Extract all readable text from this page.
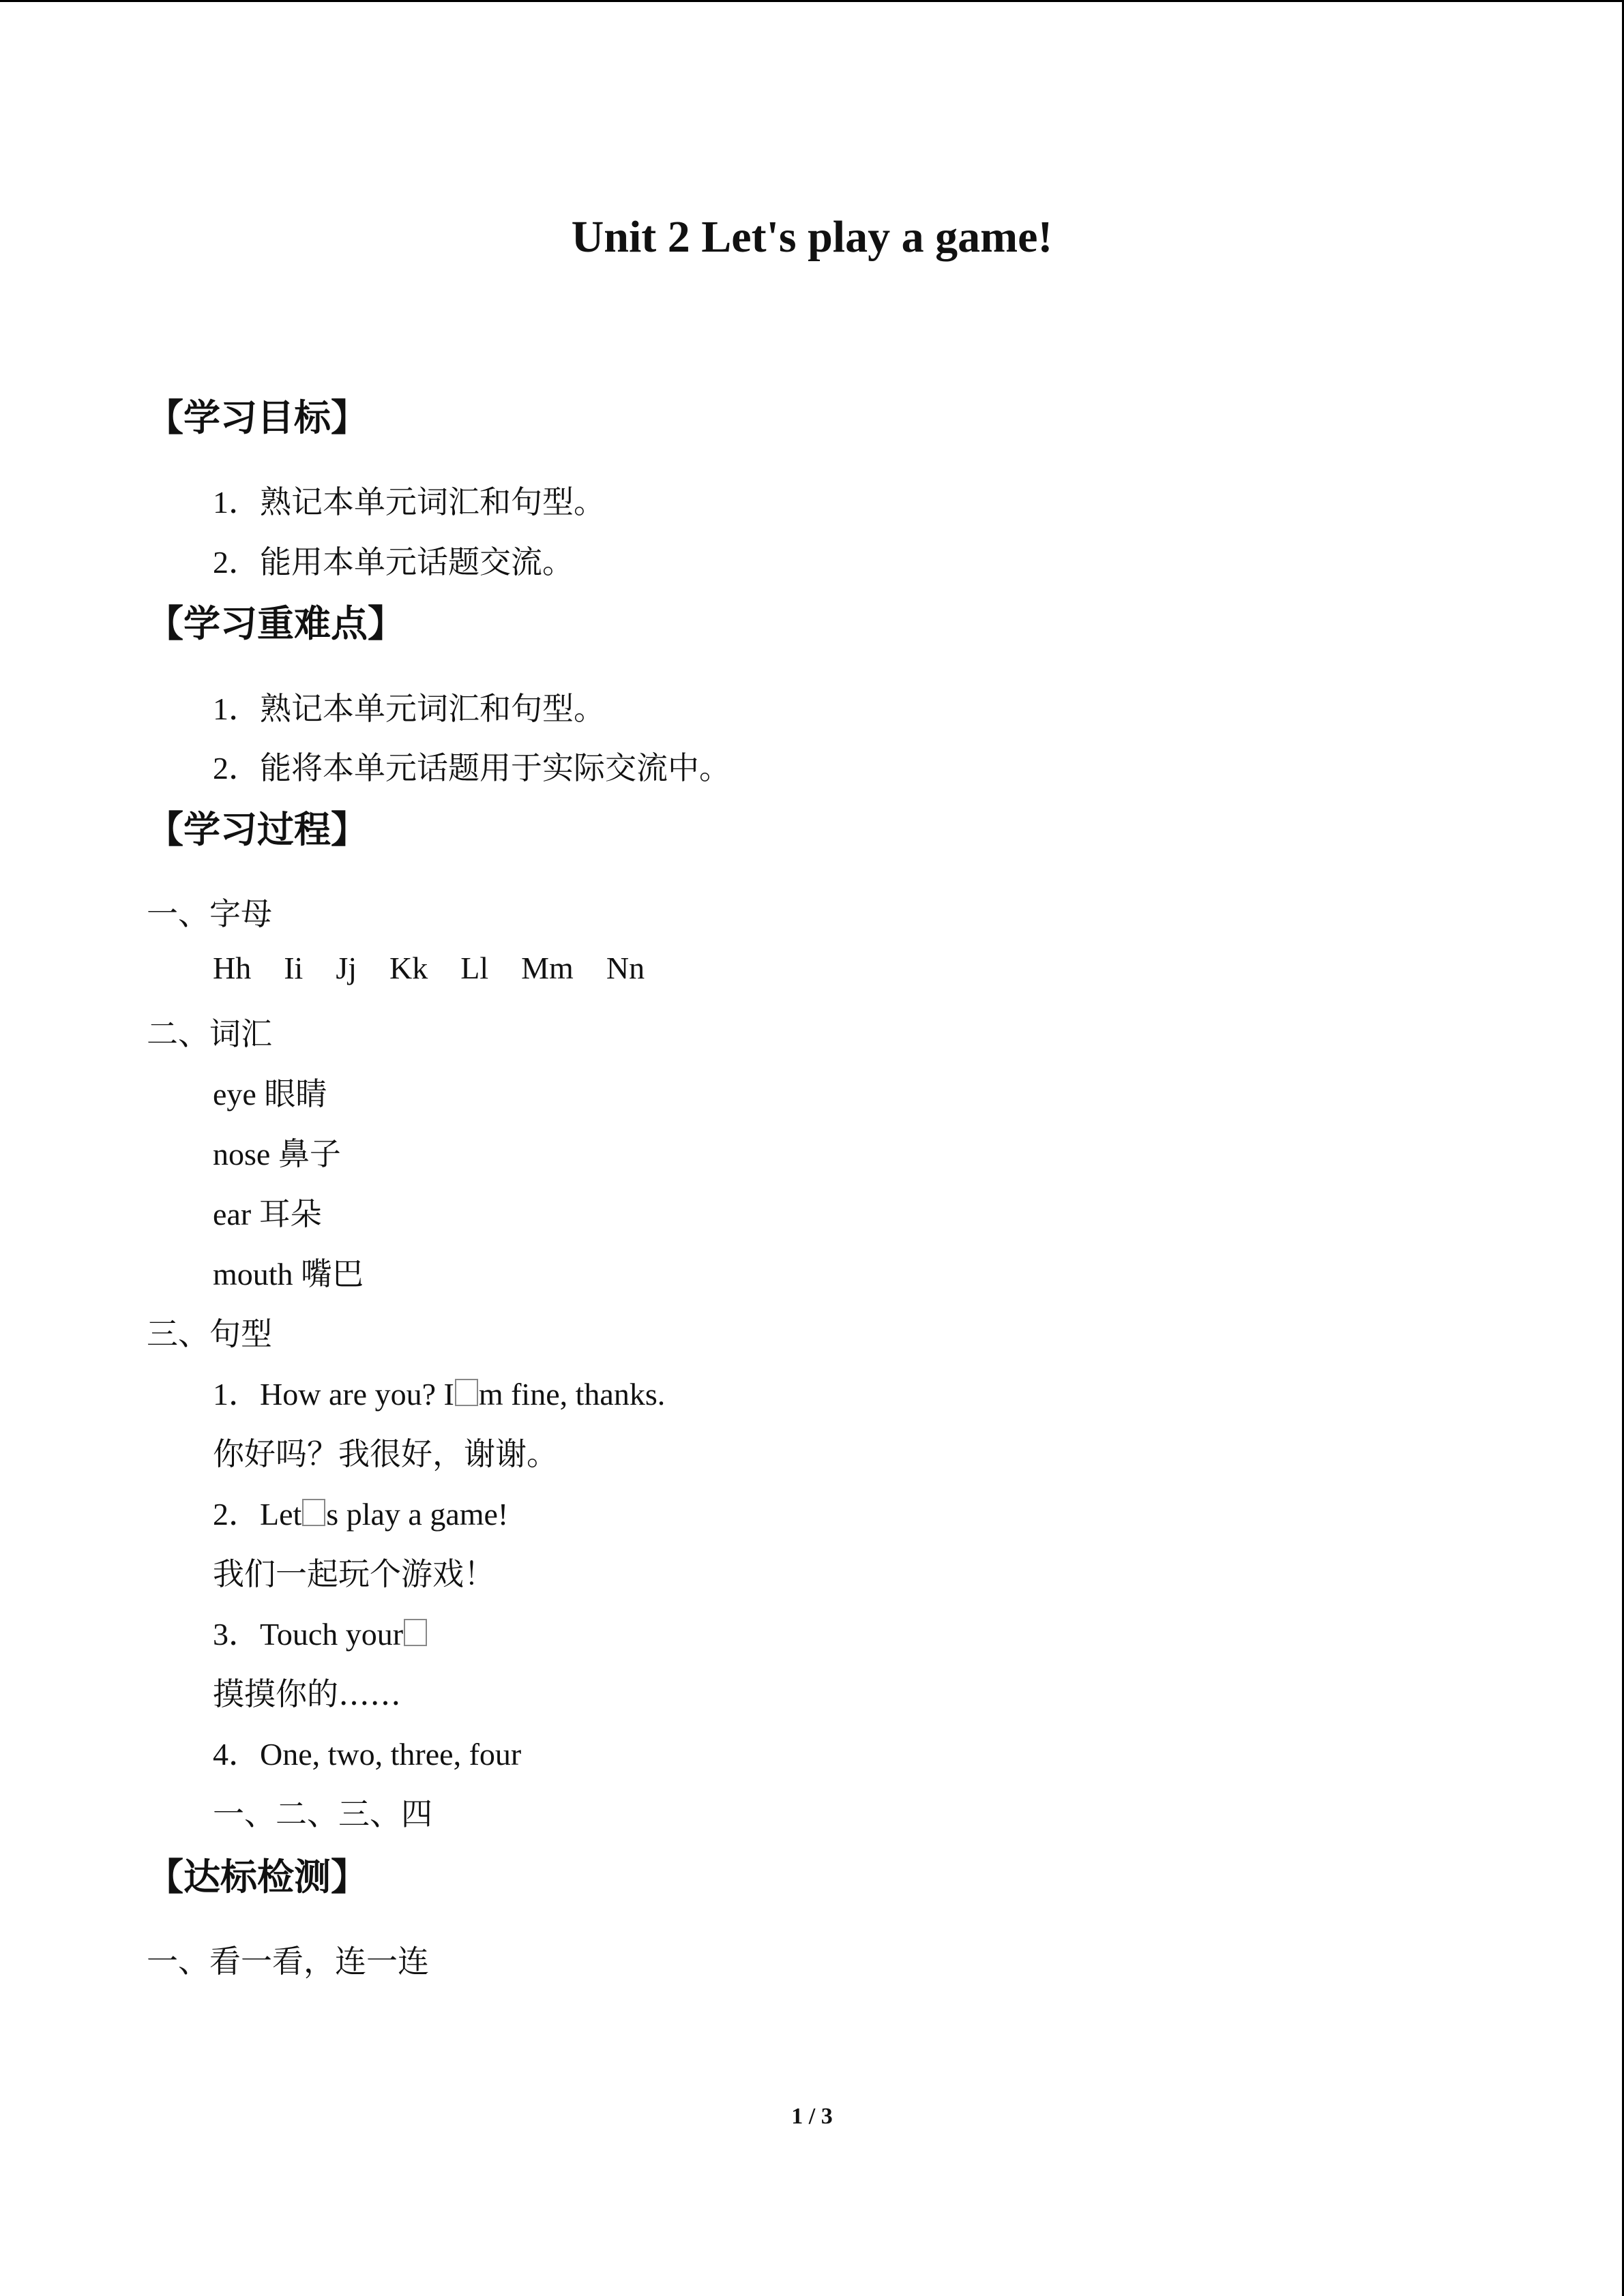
Unit 2 Let's play a game!
【学习目标】
1．熟记本单元词汇和句型。
2．能用本单元话题交流。
【学习重难点】
1．熟记本单元词汇和句型。
2．能将本单元话题用于实际交流中。
【学习过程】
一、字母
Hh Ii Jj Kk Ll Mm Nn
二、词汇
eye 眼睛
nose 鼻子
ear 耳朵
mouth 嘴巴
三、句型
1．How are you? I m fine, thanks.
你好吗？我很好，谢谢。
2．Let s play a game!
我们一起玩个游戏！
3．Touch your
摸摸你的……
4．One, two, three, four
一、二、三、四
【达标检测】
一、看一看，连一连
1 / 3
